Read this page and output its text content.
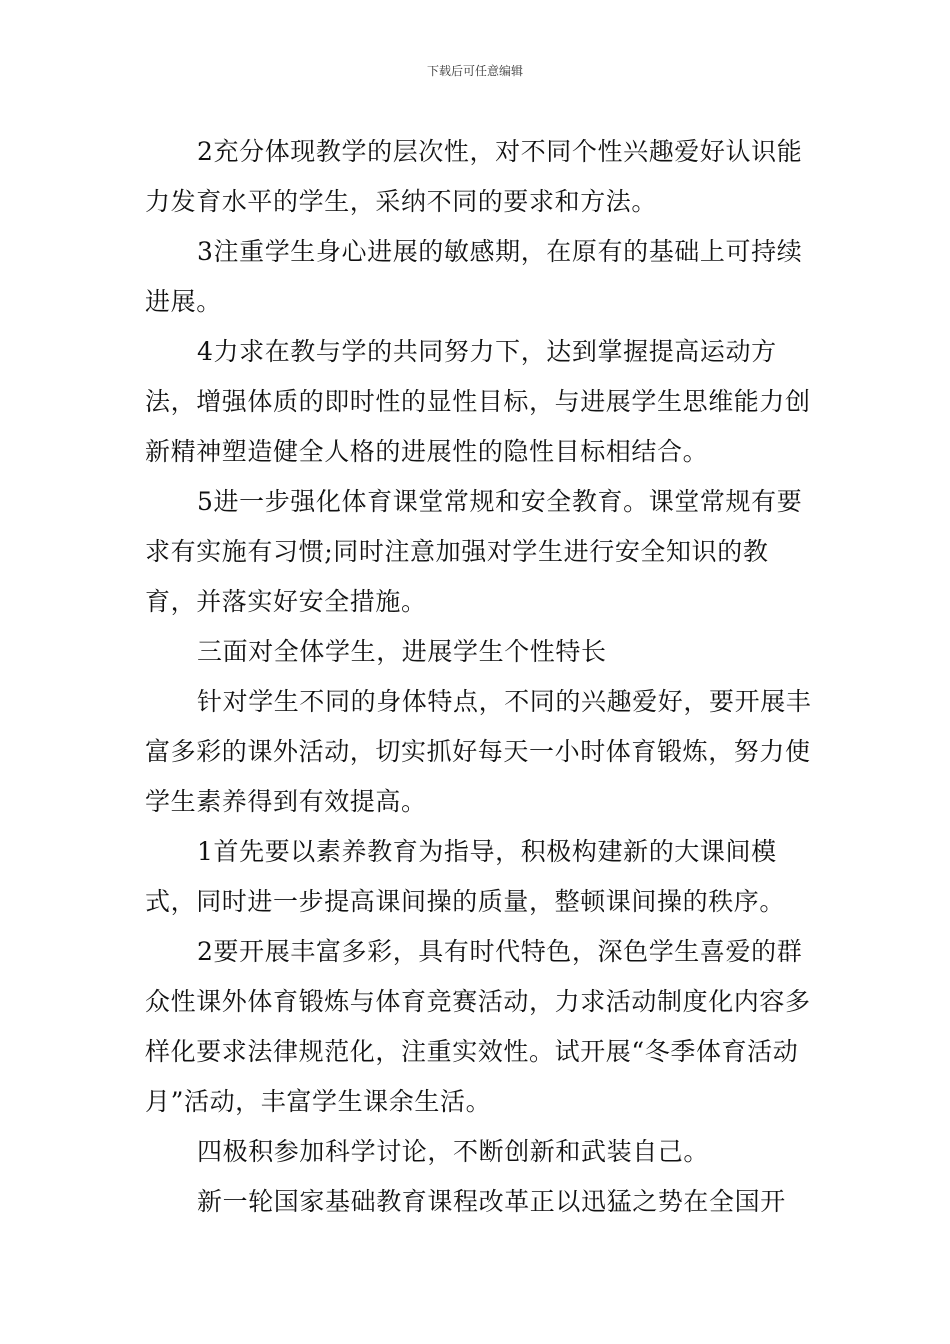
下载后可任意编辑

2充分体现教学的层次性，对不同个性兴趣爱好认识能力发育水平的学生，采纳不同的要求和方法。

3注重学生身心进展的敏感期，在原有的基础上可持续进展。

4力求在教与学的共同努力下，达到掌握提高运动方法，增强体质的即时性的显性目标，与进展学生思维能力创新精神塑造健全人格的进展性的隐性目标相结合。

5进一步强化体育课堂常规和安全教育。课堂常规有要求有实施有习惯;同时注意加强对学生进行安全知识的教育，并落实好安全措施。

三面对全体学生，进展学生个性特长

针对学生不同的身体特点，不同的兴趣爱好，要开展丰富多彩的课外活动，切实抓好每天一小时体育锻炼，努力使学生素养得到有效提高。

1首先要以素养教育为指导，积极构建新的大课间模式，同时进一步提高课间操的质量，整顿课间操的秩序。

2要开展丰富多彩，具有时代特色，深色学生喜爱的群众性课外体育锻炼与体育竞赛活动，力求活动制度化内容多样化要求法律规范化，注重实效性。试开展“冬季体育活动月”活动，丰富学生课余生活。

四极积参加科学讨论，不断创新和武装自己。

新一轮国家基础教育课程改革正以迅猛之势在全国开
